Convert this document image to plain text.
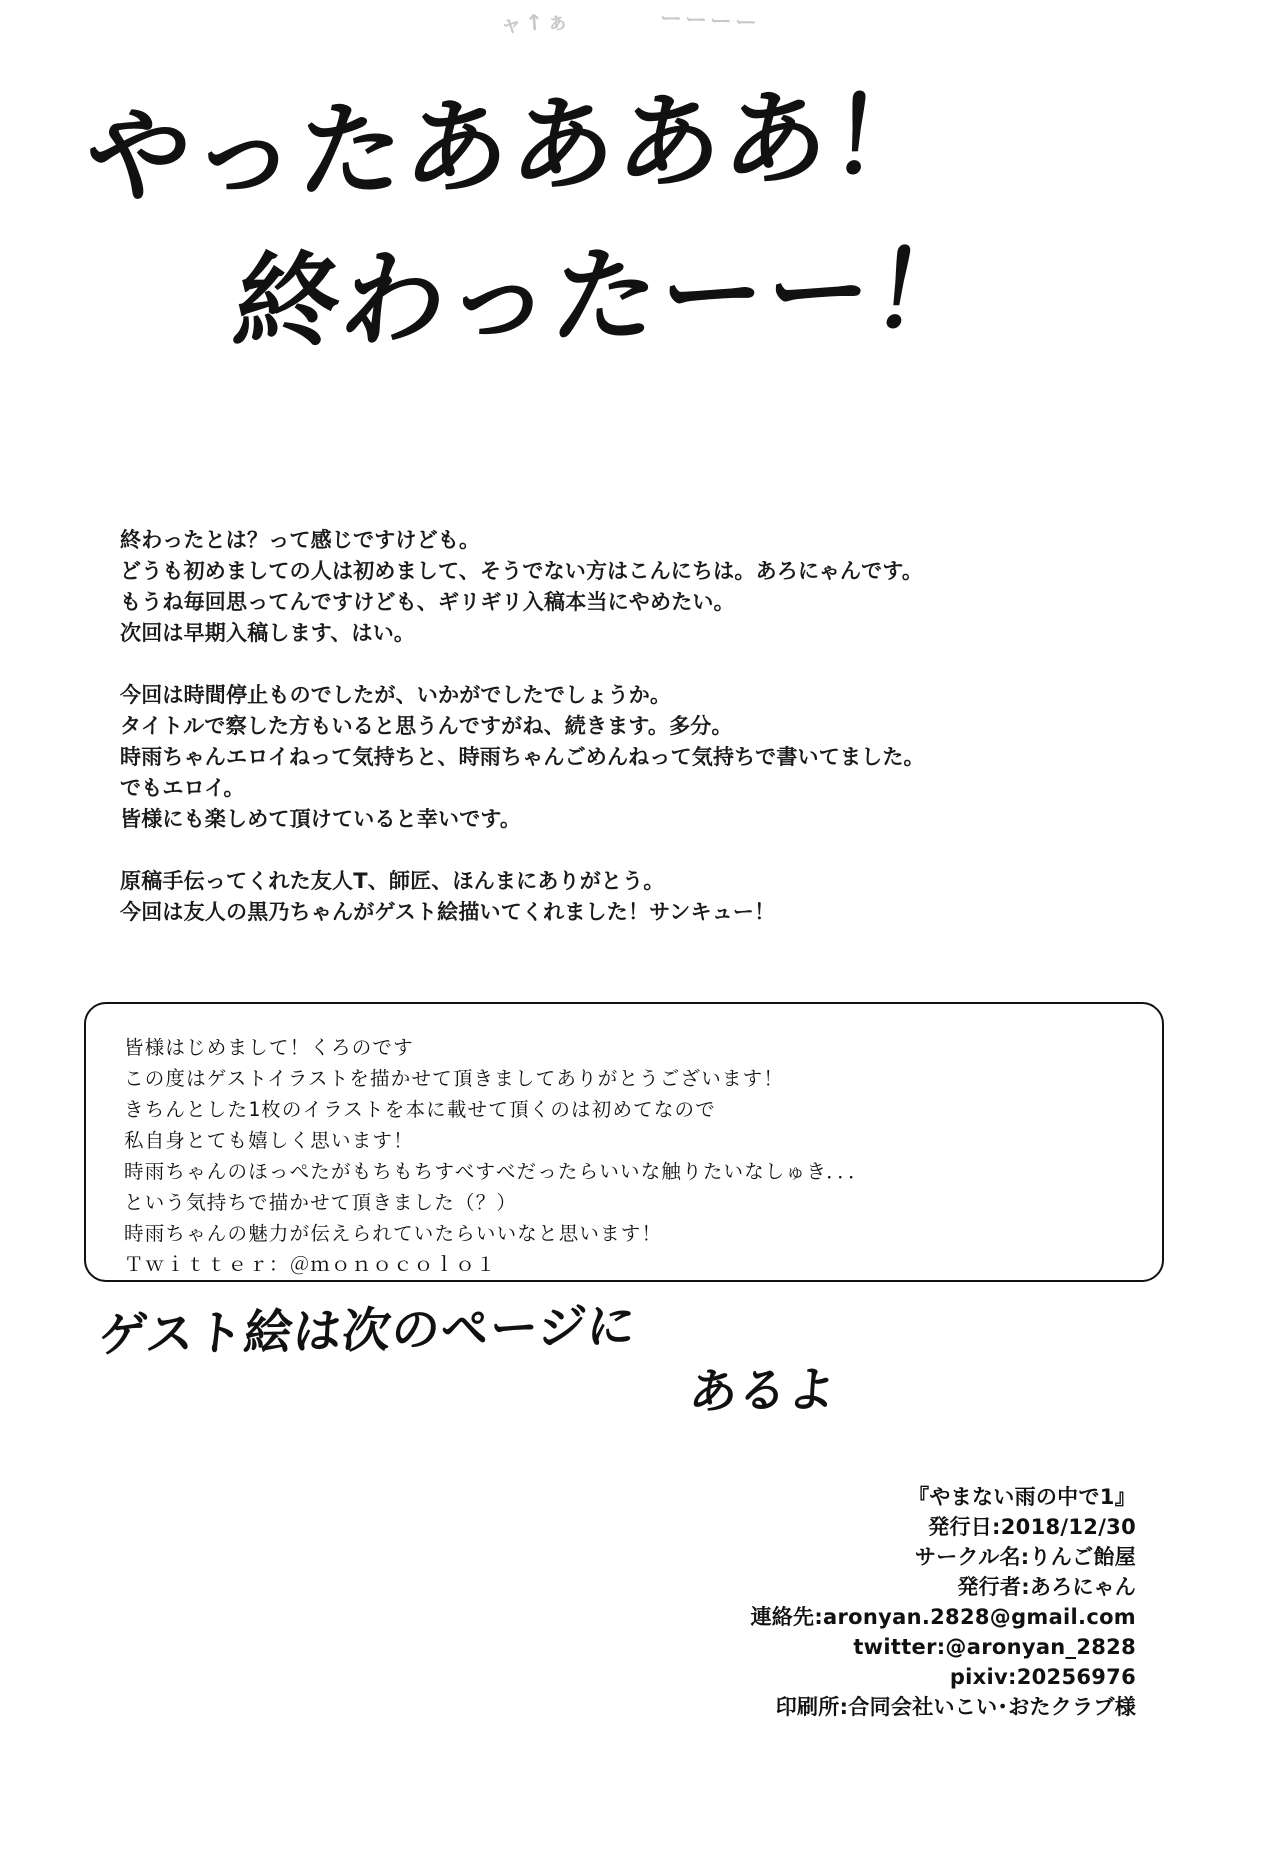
ャ↑ぁ	ーーーー
やったああああ！
終わったーー！

終わったとは？って感じですけども。

どうも初めましての人は初めまして、そうでない方はこんにちは。あろにゃんです。

もうね毎回思ってんですけども、ギリギリ入稿本当にやめたい。

次回は早期入稿します、はい。

今回は時間停止ものでしたが、いかがでしたでしょうか。

タイトルで察した方もいると思うんですがね、続きます。多分。

時雨ちゃんエロイねって気持ちと、時雨ちゃんごめんねって気持ちで書いてました。

でもエロイ。

皆様にも楽しめて頂けていると幸いです。

原稿手伝ってくれた友人T、師匠、ほんまにありがとう。

今回は友人の黒乃ちゃんがゲスト絵描いてくれました！サンキュー！

皆様はじめまして！くろのです

この度はゲストイラストを描かせて頂きましてありがとうございます！

きちんとした1枚のイラストを本に載せて頂くのは初めてなので

私自身とても嬉しく思います！

時雨ちゃんのほっぺたがもちもちすべすべだったらいいな触りたいなしゅき．．．

という気持ちで描かせて頂きました（？）

時雨ちゃんの魅力が伝えられていたらいいなと思います！

Ｔｗｉｔｔｅｒ：＠ｍｏｎｏｃｏｌｏ１

ゲスト絵は次のページに
あるよ

『やまない雨の中で1』

発行日:2018/12/30

サークル名:りんご飴屋

発行者:あろにゃん

連絡先:aronyan.2828@gmail.com

twitter:@aronyan_2828

pixiv:20256976

印刷所:合同会社いこい･おたクラブ様
